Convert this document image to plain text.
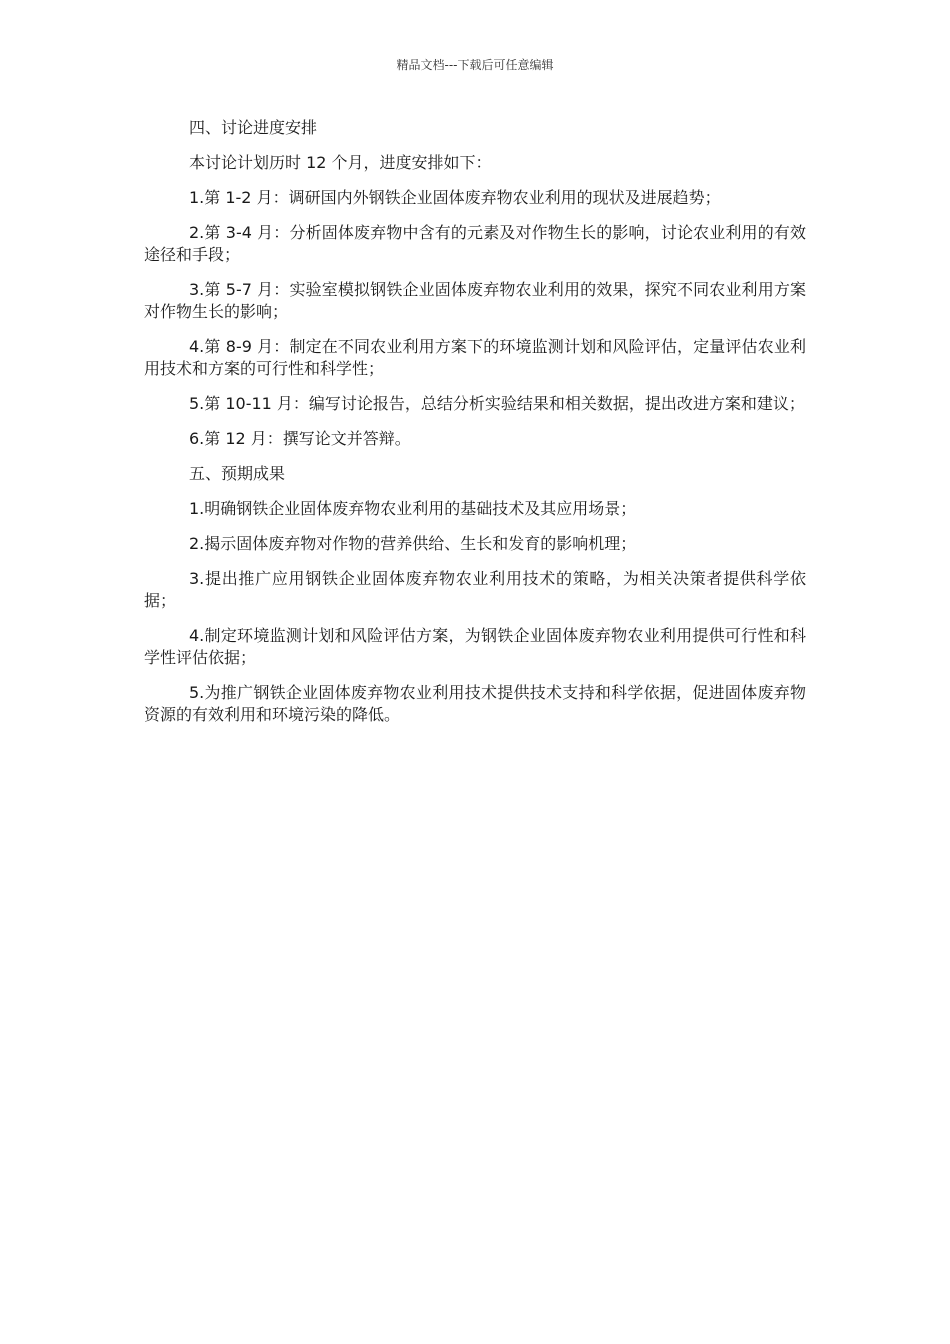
精品文档---下载后可任意编辑

四、讨论进度安排

本讨论计划历时 12 个月，进度安排如下：

1.第 1-2 月：调研国内外钢铁企业固体废弃物农业利用的现状及进展趋势；

2.第 3-4 月：分析固体废弃物中含有的元素及对作物生长的影响，讨论农业利用的有效途径和手段；

3.第 5-7 月：实验室模拟钢铁企业固体废弃物农业利用的效果，探究不同农业利用方案对作物生长的影响；

4.第 8-9 月：制定在不同农业利用方案下的环境监测计划和风险评估，定量评估农业利用技术和方案的可行性和科学性；

5.第 10-11 月：编写讨论报告，总结分析实验结果和相关数据，提出改进方案和建议；

6.第 12 月：撰写论文并答辩。

五、预期成果

1.明确钢铁企业固体废弃物农业利用的基础技术及其应用场景；

2.揭示固体废弃物对作物的营养供给、生长和发育的影响机理；

3.提出推广应用钢铁企业固体废弃物农业利用技术的策略，为相关决策者提供科学依据；

4.制定环境监测计划和风险评估方案，为钢铁企业固体废弃物农业利用提供可行性和科学性评估依据；

5.为推广钢铁企业固体废弃物农业利用技术提供技术支持和科学依据，促进固体废弃物资源的有效利用和环境污染的降低。
